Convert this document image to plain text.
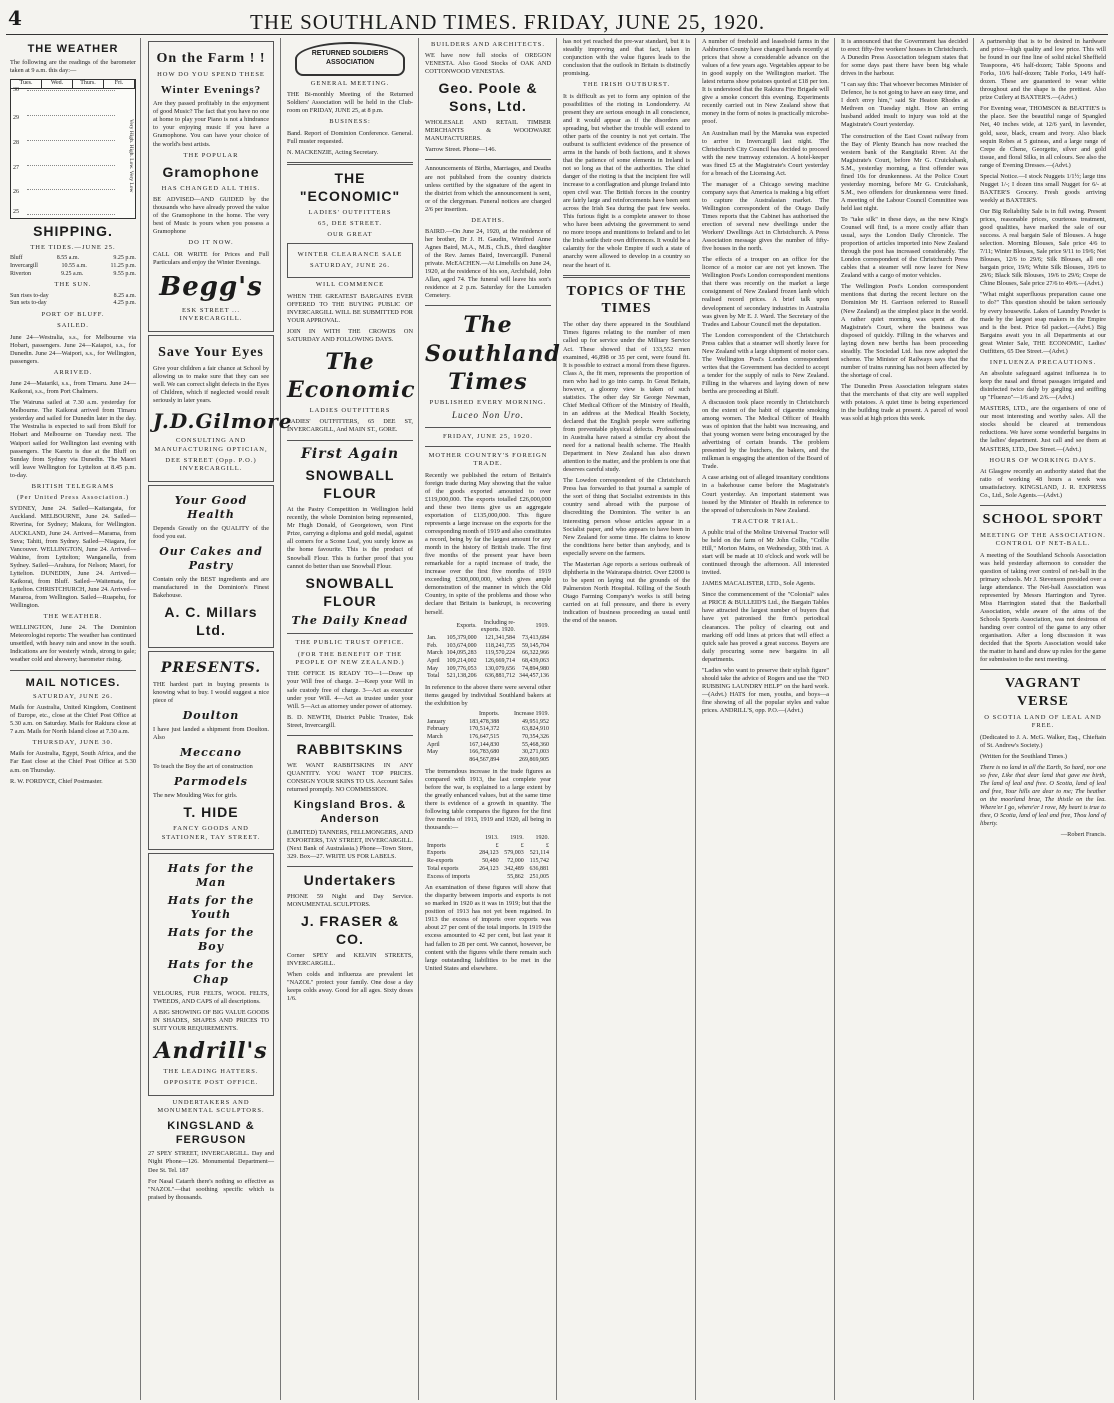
4	THE SOUTHLAND TIMES. FRIDAY, JUNE 25, 1920.
THE WEATHER

The following are the readings of the barometer taken at 9 a.m. this day:—

Tues.	Wed.	Thurs.	Fri.
30
29
28
27
26
25
Very High. High. Low. Very Low
SHIPPING.
THE TIDES.—JUNE 25.
Bluff	8.55 a.m.	9.25 p.m.
Invercargill	10.55 a.m.	11.25 p.m.
Riverton	9.25 a.m.	9.55 p.m.
THE SUN.
Sun rises to-day	8.25 a.m.
Sun sets to-day	4.25 p.m.
PORT OF BLUFF.
SAILED.

June 24—Westralia, s.s., for Melbourne via Hobart, passengers. June 24—Kaiapoi, s.s., for Dunedin. June 24—Waipori, s.s., for Wellington, passengers.

ARRIVED.

June 24—Matariki, s.s., from Timaru. June 24—Kaikorai, s.s., from Port Chalmers.

The Wairuna sailed at 7.30 a.m. yesterday for Melbourne. The Kaikorai arrived from Timaru yesterday and sailed for Dunedin later in the day. The Westralia is expected to sail from Bluff for Hobart and Melbourne on Tuesday next. The Waipori sailed for Wellington last evening with passengers. The Karetu is due at the Bluff on Sunday from Sydney via Dunedin. The Maori will leave Wellington for Lyttelton at 8.45 p.m. to-day.

BRITISH TELEGRAMS
(Per United Press Association.)

SYDNEY, June 24. Sailed—Kaitangata, for Auckland. MELBOURNE, June 24. Sailed—Riverina, for Sydney; Makura, for Wellington. AUCKLAND, June 24. Arrived—Marama, from Suva; Tahiti, from Sydney. Sailed—Niagara, for Vancouver. WELLINGTON, June 24. Arrived—Wahine, from Lyttelton; Wanganella, from Sydney. Sailed—Arahura, for Nelson; Maori, for Lyttelton. DUNEDIN, June 24. Arrived—Kaikorai, from Bluff. Sailed—Waitemata, for Lyttelton. CHRISTCHURCH, June 24. Arrived—Mararoa, from Wellington. Sailed—Ruapehu, for Wellington.

THE WEATHER.

WELLINGTON, June 24. The Dominion Meteorologist reports: The weather has continued unsettled, with heavy rain and snow in the south. Indications are for westerly winds, strong to gale; weather cold and showery; barometer rising.

MAIL NOTICES.
SATURDAY, JUNE 26.

Mails for Australia, United Kingdom, Continent of Europe, etc., close at the Chief Post Office at 5.30 a.m. on Saturday. Mails for Rakiura close at 7 a.m. Mails for North Island close at 7.30 a.m.

THURSDAY, JUNE 30.

Mails for Australia, Egypt, South Africa, and the Far East close at the Chief Post Office at 5.30 a.m. on Thursday.

R. W. FORDYCE, Chief Postmaster.

On the Farm ! !
HOW DO YOU SPEND THESE
Winter Evenings?

Are they passed profitably in the enjoyment of good Music? The fact that you have no one at home to play your Piano is not a hindrance to your enjoying music if you have a Gramophone. You can have your choice of the world's best artists.

THE POPULAR
Gramophone
HAS CHANGED ALL THIS.

BE ADVISED—AND GUIDED by the thousands who have already proved the value of the Gramophone in the home. The very best of Music is yours when you possess a Gramophone

DO IT NOW.

CALL OR WRITE for Prices and Full Particulars and enjoy the Winter Evenings.

Begg's
ESK STREET ... INVERCARGILL.
Save Your Eyes

Give your children a fair chance at School by allowing us to make sure that they can see well. We can correct slight defects in the Eyes of Children, which if neglected would result seriously in later years.

J.D.Gilmore
CONSULTING AND MANUFACTURING OPTICIAN,
DEE STREET (Opp. P.O.) INVERCARGILL.
Your Good Health

Depends Greatly on the QUALITY of the food you eat.

Our Cakes and Pastry

Contain only the BEST ingredients and are manufactured in the Dominion's Finest Bakehouse.

A. C. Millars Ltd.
PRESENTS.

THE hardest part in buying presents is knowing what to buy. I would suggest a nice piece of

Doulton

I have just landed a shipment from Doulton. Also

Meccano

To teach the Boy the art of construction

Parmodels

The new Moulding Wax for girls.

T. HIDE
FANCY GOODS AND STATIONER, TAY STREET.
Hats for the Man
Hats for the Youth
Hats for the Boy
Hats for the Chap

VELOURS, FUR FELTS, WOOL FELTS, TWEEDS, AND CAPS of all descriptions.

A BIG SHOWING OF BIG VALUE GOODS IN SHADES, SHAPES AND PRICES TO SUIT YOUR REQUIREMENTS.

Andrill's
THE LEADING HATTERS.
OPPOSITE POST OFFICE.
UNDERTAKERS AND MONUMENTAL SCULPTORS.
KINGSLAND & FERGUSON

27 SPEY STREET, INVERCARGILL. Day and Night Phone—126. Monumental Department—Dee St. Tel. 187

For Nasal Catarrh there's nothing so effective as "NAZOL"—that soothing specific which is praised by thousands.

RETURNED SOLDIERS ASSOCIATION
GENERAL MEETING.

THE Bi-monthly Meeting of the Returned Soldiers' Association will be held in the Club-room on FRIDAY, JUNE 25, at 8 p.m.

BUSINESS:

Band. Report of Dominion Conference. General. Full muster requested.

N. MACKENZIE, Acting Secretary.

THE "ECONOMIC"
LADIES' OUTFITTERS
65, DEE STREET.
OUR GREAT
WINTER CLEARANCE SALE
SATURDAY, JUNE 26.
WILL COMMENCE

WHEN THE GREATEST BARGAINS EVER OFFERED TO THE BUYING PUBLIC OF INVERCARGILL WILL BE SUBMITTED FOR YOUR APPROVAL.

JOIN IN WITH THE CROWDS ON SATURDAY AND FOLLOWING DAYS.

The Economic
LADIES OUTFITTERS

LADIES' OUTFITTERS, 65 DEE ST, INVERCARGILL, And MAIN ST., GORE.

First Again
SNOWBALL FLOUR

At the Pastry Competition in Wellington held recently, the whole Dominion being represented, Mr Hugh Donald, of Georgetown, won First Prize, carrying a diploma and gold medal, against all comers for a Scone Loaf, you surely know as the home favourite. This is the product of Snowball Flour. This is further proof that you cannot do better than use Snowball Flour.

SNOWBALL FLOUR
The Daily Knead
THE PUBLIC TRUST OFFICE.
(FOR THE BENEFIT OF THE PEOPLE OF NEW ZEALAND.)

THE OFFICE IS READY TO—1—Draw up your Will free of charge. 2—Keep your Will in safe custody free of charge. 3—Act as executor under your Will. 4—Act as trustee under your Will. 5—Act as attorney under power of attorney.

B. D. NEWTH, District Public Trustee, Esk Street, Invercargill.

RABBITSKINS

WE WANT RABBITSKINS IN ANY QUANTITY. YOU WANT TOP PRICES. CONSIGN YOUR SKINS TO US. Account Sales returned promptly. NO COMMISSION.

Kingsland Bros. & Anderson

(LIMITED) TANNERS, FELLMONGERS, AND EXPORTERS, TAY STREET, INVERCARGILL. (Next Bank of Australasia.) Phone—Town Store, 329. Box—27. WRITE US FOR LABELS.

Undertakers

PHONE 59 Night and Day Service. MONUMENTAL SCULPTORS.

J. FRASER & CO.

Corner SPEY and KELVIN STREETS, INVERCARGILL.

When colds and influenza are prevalent let "NAZOL" protect your family. One dose a day keeps colds away. Good for all ages. Sixty doses 1/6.

BUILDERS AND ARCHITECTS.

WE have now full stocks of OREGON VENESTA. Also Good Stocks of OAK AND COTTONWOOD VENESTAS.

Geo. Poole & Sons, Ltd.

WHOLESALE AND RETAIL TIMBER MERCHANTS & WOODWARE MANUFACTURERS.

Yarrow Street. Phone—146.

Announcements of Births, Marriages, and Deaths are not published from the country districts unless certified by the signature of the agent in the district from which the announcement is sent, or of the clergyman. Funeral notices are charged 2/6 per insertion.

DEATHS.

BAIRD.—On June 24, 1920, at the residence of her brother, Dr J. H. Gaudin, Winifred Anne Agnes Baird, M.A., M.B., Ch.B., third daughter of the Rev. James Baird, Invercargill. Funeral private. McEACHEN.—At Limehills on June 24, 1920, at the residence of his son, Archibald, John Allan, aged 74. The funeral will leave his son's residence at 2 p.m. Saturday for the Lumsden Cemetery.

The Southland Times
PUBLISHED EVERY MORNING.
Luceo Non Uro.
FRIDAY, JUNE 25, 1920.
MOTHER COUNTRY'S FOREIGN TRADE.

Recently we published the return of Britain's foreign trade during May showing that the value of the goods exported amounted to over £119,000,000. The exports totalled £26,000,000 and these two items give us an aggregate exportation of £135,000,000. This figure represents a large increase on the exports for the corresponding month of 1919 and also constitutes a record, being by far the largest amount for any month in the history of British trade. The first five months of the present year have been remarkable for a rapid increase of trade, the increase over the first five months of 1919 exceeding £300,000,000, which gives ample demonstration of the manner in which the Old Country, in spite of the problems and those who declare that Britain is bankrupt, is recovering herself.

	Exports.	Including re-exports. 1920.	1919.
Jan.	105,379,000	121,341,584	73,413,684
Feb.	103,674,000	118,241,735	59,145,704
March	104,095,283	119,570,224	66,322,966
April	109,214,002	126,669,714	68,439,063
May	109,776,053	130,079,656	74,894,980
Total	521,138,206	636,881,712	344,457,136

In reference to the above there were several other items gauged by individual Southland bakers at the exhibition by

	Imports.	Increase 1919.
January	183,478,388	49,951,952
February	170,514,372	63,824,910
March	176,647,515	70,354,326
April	167,144,830	55,468,360
May	166,783,680	30,271,003
	864,567,894	269,869,905

The tremendous increase in the trade figures as compared with 1913, the last complete year before the war, is explained to a large extent by the greatly enhanced values, but at the same time there is evidence of a growth in quantity. The following table compares the figures for the first five months of 1913, 1919 and 1920, all being in thousands:—

	1913.	1919.	1920.
Imports	£	£	£
Exports	284,123	579,003	521,114
Re-exports	50,480	72,000	115,742
Total exports	264,123	342,489	636,881
Excess of imports		55,862	251,005

An examination of these figures will show that the disparity between imports and exports is not so marked in 1920 as it was in 1919; but that the position of 1913 has not yet been regained. In 1913 the excess of imports over exports was about 27 per cent of the total imports. In 1919 the excess amounted to 42 per cent, but last year it had fallen to 28 per cent. We cannot, however, be content with the figures while there remain such large outstanding liabilities to be met in the United States and elsewhere.

has not yet reached the pre-war standard, but it is steadily improving and that fact, taken in conjunction with the value figures leads to the conclusion that the outlook in Britain is distinctly promising.

THE IRISH OUTBURST.

It is difficult as yet to form any opinion of the possibilities of the rioting in Londonderry. At present they are serious enough in all conscience, and it would appear as if the disorders are spreading, but whether the trouble will extend to other parts of the country is not yet certain. The outburst is sufficient evidence of the presence of arms in the hands of both factions, and it shows that the patience of some elements in Ireland is not so long as that of the authorities. The chief danger of the rioting is that the incipient fire will increase to a conflagration and plunge Ireland into open civil war. The British forces in the country are fairly large and reinforcements have been sent across the Irish Sea during the past few weeks. This furious fight is a complete answer to those who have been advising the government to send no more troops and munitions to Ireland and to let the Irish settle their own differences. It would be a calamity for the whole Empire if such a state of anarchy were allowed to develop in a country so near the heart of it.

TOPICS OF THE TIMES

The other day there appeared in the Southland Times figures relating to the number of men called up for service under the Military Service Act. These showed that of 133,552 men examined, 46,898 or 35 per cent, were found fit. It is possible to extract a moral from these figures. Class A, the fit men, represents the proportion of men who had to go into camp. In Great Britain, however, a gloomy view is taken of such statistics. The other day Sir George Newman, Chief Medical Officer of the Ministry of Health, in an address at the Medical Health Society, declared that the English people were suffering from preventable physical defects. Professionals in Australia have raised a similar cry about the need for a national health scheme. The Health Department in New Zealand has also drawn attention to the matter, and the problem is one that deserves careful study.

The Lowdon correspondent of the Christchurch Press has forwarded to that journal a sample of the sort of thing that Socialist extremists in this country send abroad with the purpose of discrediting the Dominion. The writer is an interesting person whose articles appear in a Socialist paper, and who appears to have been in New Zealand for some time. He claims to know the conditions here better than anybody, and is especially severe on the farmers.

The Mastertan Age reports a serious outbreak of diphtheria in the Wairarapa district. Over £2000 is to be spent on laying out the grounds of the Palmerston North Hospital. Killing of the South Otago Farming Company's works is still being carried on at full pressure, and there is every indication of business proceeding as usual until the end of the season.

A number of freehold and leasehold farms in the Ashburton County have changed hands recently at prices that show a considerable advance on the values of a few years ago. Vegetables appear to be in good supply on the Wellington market. The latest returns show potatoes quoted at £18 per ton. It is understood that the Rakiura Fire Brigade will give a smoke concert this evening. Experiments recently carried out in New Zealand show that money in the form of notes is practically microbe-proof.

An Australian mail by the Manuka was expected to arrive in Invercargill last night. The Christchurch City Council has decided to proceed with the new tramway extension. A hotel-keeper was fined £5 at the Magistrate's Court yesterday for a breach of the Licensing Act.

The manager of a Chicago sewing machine company says that America is making a big effort to capture the Australasian market. The Wellington correspondent of the Otago Daily Times reports that the Cabinet has authorised the erection of several new dwellings under the Workers' Dwellings Act in Christchurch. A Press Association message gives the number of fifty-five houses in the north.

The effects of a trouper on an office for the licence of a motor car are not yet known. The Wellington Post's London correspondent mentions that there was recently on the market a large consignment of New Zealand frozen lamb which realised record prices. A brief talk upon development of secondary industries in Australia was given by Mr E. J. Ward. The Secretary of the Trades and Labour Council met the deputation.

The London correspondent of the Christchurch Press cables that a steamer will shortly leave for New Zealand with a large shipment of motor cars. The Wellington Post's London correspondent writes that the Government has decided to accept a tender for the supply of rails to New Zealand. Filling in the wharves and laying down of new berths are proceeding at Bluff.

A discussion took place recently in Christchurch on the extent of the habit of cigarette smoking among women. The Medical Officer of Health was of opinion that the habit was increasing, and that young women were being encouraged by the advertising of certain brands. The problem presented by the butchers, the bakers, and the milkman is engaging the attention of the Board of Trade.

A case arising out of alleged insanitary conditions in a bakehouse came before the Magistrate's Court yesterday. An important statement was issued by the Minister of Health in reference to the spread of tuberculosis in New Zealand.

TRACTOR TRIAL.

A public trial of the Moline Universal Tractor will be held on the farm of Mr John Collie, "Collie Hill," Morton Mains, on Wednesday, 30th inst. A start will be made at 10 o'clock and work will be continued through the afternoon. All interested invited.

JAMES MACALISTER, LTD., Sole Agents.

Since the commencement of the "Colonial" sales at PRICE & BULLEID'S Ltd., the Bargain Tables have attracted the largest number of buyers that have yet patronised the firm's periodical clearances. The policy of clearing out and marking off odd lines at prices that will effect a quick sale has proved a great success. Buyers are daily procuring some new bargains in all departments.

"Ladies who want to preserve their stylish figure" should take the advice of Rogers and use the "NO RUBBING LAUNDRY HELP" on the hard work.—(Advt.) HATS for men, youths, and boys—a fine showing of all the popular styles and value prices. ANDRILL'S, opp. P.O.—(Advt.)

It is announced that the Government has decided to erect fifty-five workers' houses in Christchurch. A Dunedin Press Association telegram states that for some days past there have been big whale drives in the harbour.

"I can say this: That whoever becomes Minister of Defence, he is not going to have an easy time, and I don't envy him," said Sir Heaton Rhodes at Methven on Tuesday night. How an erring husband added insult to injury was told at the Magistrate's Court yesterday.

The construction of the East Coast railway from the Bay of Plenty Branch has now reached the western bank of the Rangitaiki River. At the Magistrate's Court, before Mr G. Cruickshank, S.M., yesterday morning, a first offender was fined 10s for drunkenness. At the Police Court yesterday morning, before Mr G. Cruickshank, S.M., two offenders for drunkenness were fined. A meeting of the Labour Council Committee was held last night.

To "take silk" in these days, as the new King's Counsel will find, is a more costly affair than usual, says the London Daily Chronicle. The proportion of articles imported into New Zealand through the post has increased considerably. The London correspondent of the Christchurch Press cables that a steamer will now leave for New Zealand with a cargo of motor vehicles.

The Wellington Post's London correspondent mentions that during the recent lecture on the Dominion Mr H. Garrison referred to Russell (New Zealand) as the simplest place in the world. A rather quiet morning was spent at the Magistrate's Court, where the business was disposed of quickly. Filling in the wharves and laying down new berths has been proceeding steadily. The Sociedad Ltd. has now adopted the scheme. The Minister of Railways says that the number of trains running has not been affected by the shortage of coal.

The Dunedin Press Association telegram states that the merchants of that city are well supplied with potatoes. A quiet time is being experienced in the building trade at present. A parcel of wool was sold at high prices this week.

A partnership that is to be desired in hardware and price—high quality and low price. This will be found in our fine line of solid nickel Sheffield Teaspoons, 4/6 half-dozen; Table Spoons and Forks, 10/6 half-dozen; Table Forks, 14/9 half-dozen. These are guaranteed to wear white throughout and the shape is the prettiest. Also prize Cutlery at BAXTER'S.—(Advt.)

For Evening wear, THOMSON & BEATTIE'S is the place. See the beautiful range of Spangled Net, 40 inches wide, at 12/6 yard, in lavender, gold, saxe, black, cream and ivory. Also black sequin Robes at 5 guineas, and a large range of Crepe de Chene, Georgette, silver and gold tissue, and floral Silks, in all colours. See also the range of Evening Dresses.—(Advt.)

Special Notice.—I stock Nuggets 1/1½; large tins Nugget 1/-; I dozen tins small Nugget for 6/- at BAXTER'S Grocery. Fresh goods arriving weekly at BAXTER'S.

Our Big Reliability Sale is in full swing. Present prices, reasonable prices, courteous treatment, good qualities, have marked the sale of our success. A real bargain Sale of Blouses. A huge selection. Morning Blouses, Sale price 4/6 to 7/11; Winter Blouses, Sale price 9/11 to 19/6; Net Blouses, 12/6 to 29/6; Silk Blouses, all one bargain price, 19/6; White Silk Blouses, 19/6 to 29/6; Black Silk Blouses, 19/6 to 29/6; Crepe de Chine Blouses, Sale price 27/6 to 49/6.—(Advt.)

"What might superfluous preparation cause one to do?" This question should be taken seriously by every housewife. Lakes of Laundry Powder is made by the largest soap makers in the Empire and is the best. Price 6d packet.—(Advt.) Big Bargains await you in all Departments at our great Winter Sale, THE ECONOMIC, Ladies' Outfitters, 65 Dee Street.—(Advt.)

INFLUENZA PRECAUTIONS.

An absolute safeguard against influenza is to keep the nasal and throat passages irrigated and disinfected twice daily by gargling and sniffing up "Fluenzo"—1/6 and 2/6.—(Advt.)

MASTERS, LTD., are the organisers of one of our most interesting and worthy sales. All the stocks should be cleared at tremendous reductions. We have some wonderful bargains in the ladies' department. Just call and see them at MASTERS, LTD., Dee Street.—(Advt.)

HOURS OF WORKING DAYS.

At Glasgow recently an authority stated that the ratio of working 48 hours a week was unsatisfactory. KINGSLAND, J. R. EXPRESS Co., Ltd., Sole Agents.—(Advt.)

SCHOOL SPORT
MEETING OF THE ASSOCIATION. CONTROL OF NET-BALL.

A meeting of the Southland Schools Association was held yesterday afternoon to consider the question of taking over control of net-ball in the primary schools. Mr J. Stevenson presided over a large attendance. The Net-ball Association was represented by Messrs Harrington and Tyree. Miss Harrington stated that the Basketball Association, while aware of the aims of the Schools Sports Association, was not desirous of handing over control of the game to any other organisation. After a long discussion it was decided that the Sports Association would take the matter in hand and draw up rules for the game for submission to the next meeting.

VAGRANT VERSE
O SCOTIA LAND OF LEAL AND FREE.

(Dedicated to J. A. McG. Walker, Esq., Chieftain of St. Andrew's Society.)

(Written for the Southland Times.)

There is no land in all the Earth, So hard, nor one so free, Like that dear land that gave me birth, The land of leal and free. O Scotia, land of leal and free, Your hills are dear to me; The heather on the moorland brae, The thistle on the lea. Where'er I go, where'er I rove, My heart is true to thee, O Scotia, land of leal and free, Thou land of liberty.

—Robert Francis.
